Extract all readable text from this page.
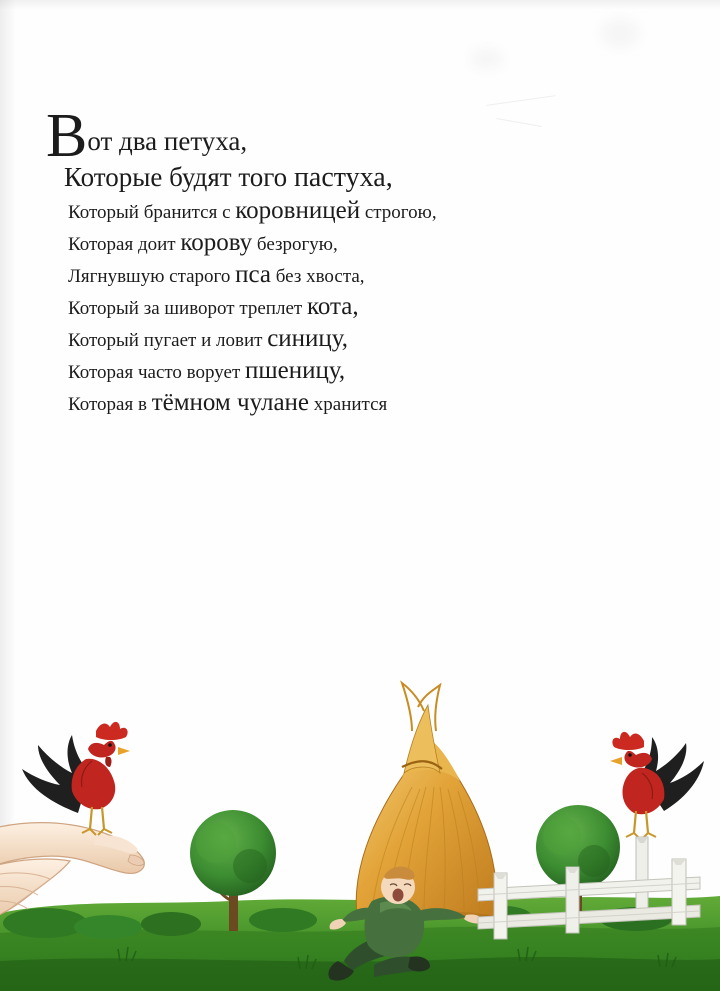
Вот два петуха,
Которые будят того пастуха,
Который бранится с коровницей строгою,
Которая доит корову безрогую,
Лягнувшую старого пса без хвоста,
Который за шиворот треплет кота,
Который пугает и ловит синицу,
Которая часто ворует пшеницу,
Которая в тёмном чулане хранится
